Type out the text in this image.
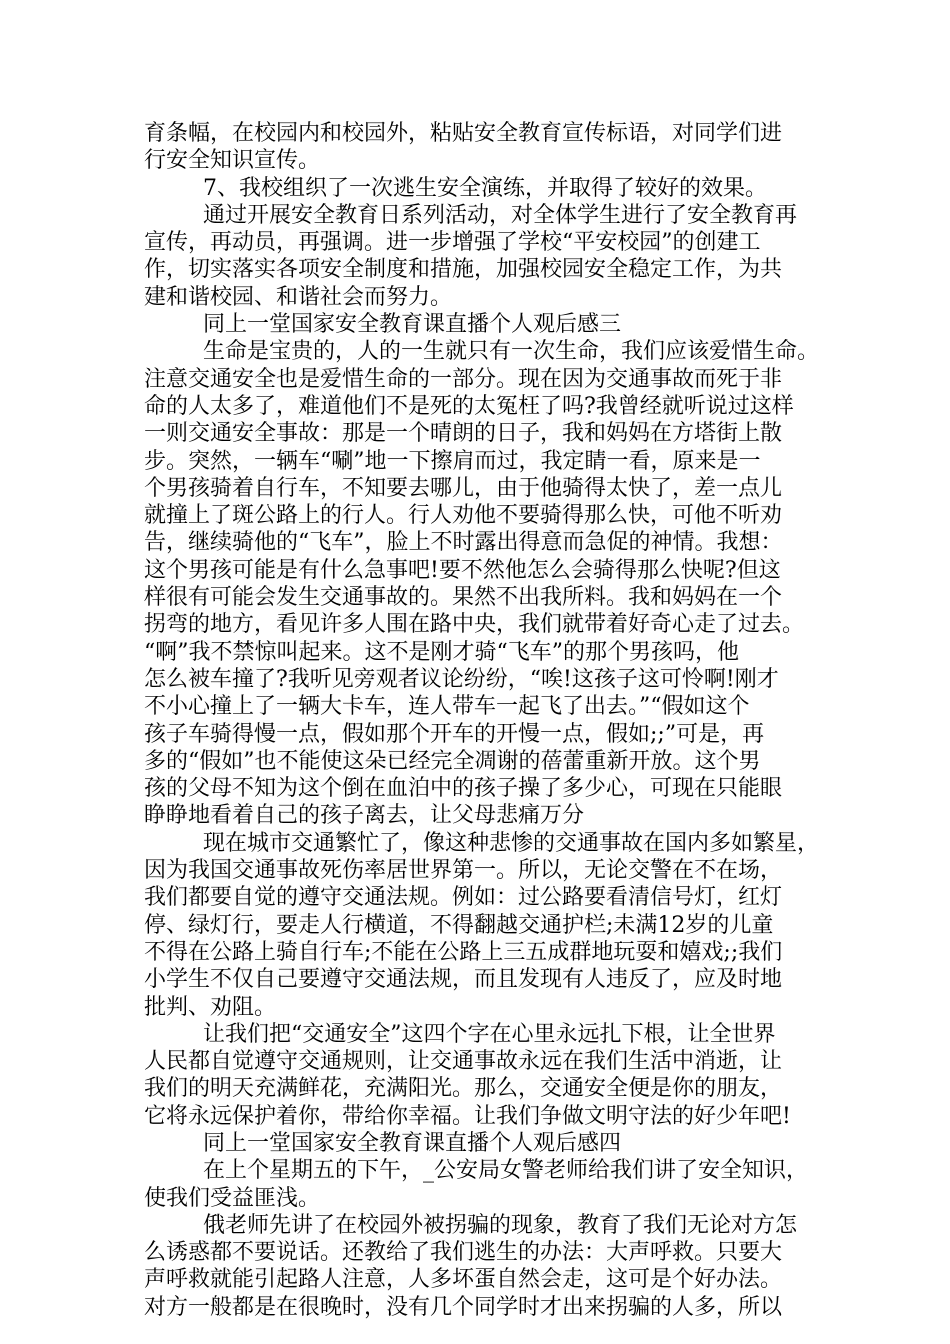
育条幅，在校园内和校园外，粘贴安全教育宣传标语，对同学们进
行安全知识宣传。
7、我校组织了一次逃生安全演练，并取得了较好的效果。
通过开展安全教育日系列活动，对全体学生进行了安全教育再
宣传，再动员，再强调。进一步增强了学校“平安校园”的创建工
作，切实落实各项安全制度和措施，加强校园安全稳定工作，为共
建和谐校园、和谐社会而努力。
同上一堂国家安全教育课直播个人观后感三
生命是宝贵的，人的一生就只有一次生命，我们应该爱惜生命。
注意交通安全也是爱惜生命的一部分。现在因为交通事故而死于非
命的人太多了，难道他们不是死的太冤枉了吗?我曾经就听说过这样
一则交通安全事故：那是一个晴朗的日子，我和妈妈在方塔街上散
步。突然，一辆车“唰”地一下擦肩而过，我定睛一看，原来是一
个男孩骑着自行车，不知要去哪儿，由于他骑得太快了，差一点儿
就撞上了斑公路上的行人。行人劝他不要骑得那么快，可他不听劝
告，继续骑他的“飞车”，脸上不时露出得意而急促的神情。我想：
这个男孩可能是有什么急事吧!要不然他怎么会骑得那么快呢?但这
样很有可能会发生交通事故的。果然不出我所料。我和妈妈在一个
拐弯的地方，看见许多人围在路中央，我们就带着好奇心走了过去。
“啊”我不禁惊叫起来。这不是刚才骑“飞车”的那个男孩吗，他
怎么被车撞了?我听见旁观者议论纷纷，“唉!这孩子这可怜啊!刚才
不小心撞上了一辆大卡车，连人带车一起飞了出去。”“假如这个
孩子车骑得慢一点，假如那个开车的开慢一点，假如;;”可是，再
多的“假如”也不能使这朵已经完全凋谢的蓓蕾重新开放。这个男
孩的父母不知为这个倒在血泊中的孩子操了多少心，可现在只能眼
睁睁地看着自己的孩子离去，让父母悲痛万分
现在城市交通繁忙了，像这种悲惨的交通事故在国内多如繁星，
因为我国交通事故死伤率居世界第一。所以，无论交警在不在场，
我们都要自觉的遵守交通法规。例如：过公路要看清信号灯，红灯
停、绿灯行，要走人行横道，不得翻越交通护栏;未满12岁的儿童
不得在公路上骑自行车;不能在公路上三五成群地玩耍和嬉戏;;我们
小学生不仅自己要遵守交通法规，而且发现有人违反了，应及时地
批判、劝阻。
让我们把“交通安全”这四个字在心里永远扎下根，让全世界
人民都自觉遵守交通规则，让交通事故永远在我们生活中消逝，让
我们的明天充满鲜花，充满阳光。那么，交通安全便是你的朋友，
它将永远保护着你，带给你幸福。让我们争做文明守法的好少年吧!
同上一堂国家安全教育课直播个人观后感四
在上个星期五的下午，_公安局女警老师给我们讲了安全知识，
使我们受益匪浅。
俄老师先讲了在校园外被拐骗的现象，教育了我们无论对方怎
么诱惑都不要说话。还教给了我们逃生的办法：大声呼救。只要大
声呼救就能引起路人注意，人多坏蛋自然会走，这可是个好办法。
对方一般都是在很晚时，没有几个同学时才出来拐骗的人多，所以
